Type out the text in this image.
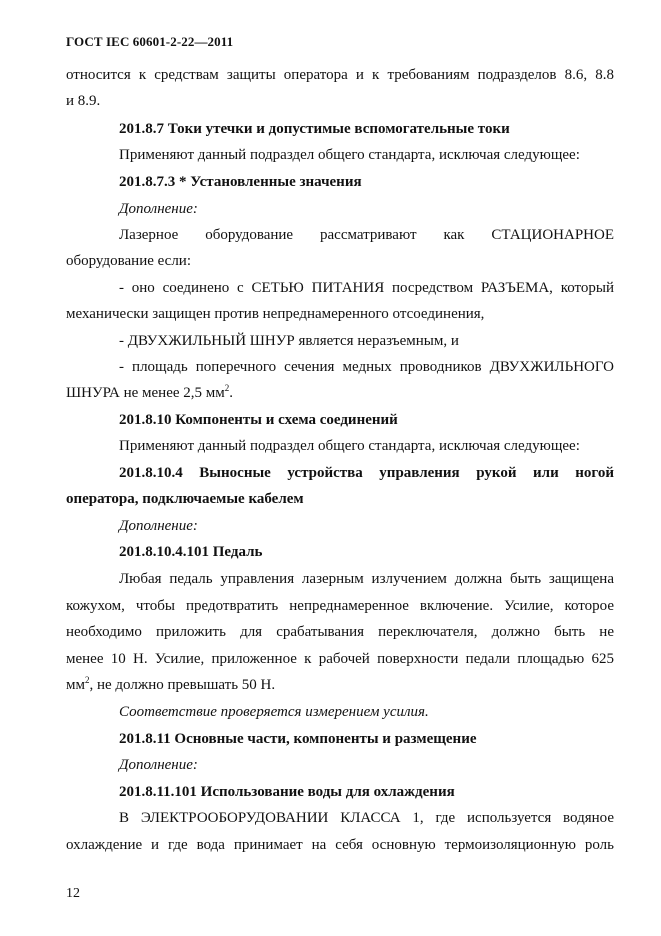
ГОСТ IEC 60601-2-22—2011
относится к средствам защиты оператора и к требованиям подразделов 8.6, 8.8
и 8.9.
201.8.7 Токи утечки и допустимые вспомогательные токи
Применяют данный подраздел общего стандарта, исключая следующее:
201.8.7.3 * Установленные значения
Дополнение:
Лазерное оборудование рассматривают как СТАЦИОНАРНОЕ
оборудование если:
- оно соединено с СЕТЬЮ ПИТАНИЯ посредством РАЗЪЕМА, который
механически защищен против непреднамеренного отсоединения,
- ДВУХЖИЛЬНЫЙ ШНУР является неразъемным, и
- площадь поперечного сечения медных проводников ДВУХЖИЛЬНОГО
ШНУРА не менее 2,5 $мм^2$.
201.8.10 Компоненты и схема соединений
Применяют данный подраздел общего стандарта, исключая следующее:
201.8.10.4 Выносные устройства управления рукой или ногой
оператора, подключаемые кабелем
Дополнение:
201.8.10.4.101 Педаль
Любая педаль управления лазерным излучением должна быть защищена
кожухом, чтобы предотвратить непреднамеренное включение. Усилие, которое
необходимо приложить для срабатывания переключателя, должно быть не
менее 10 Н. Усилие, приложенное к рабочей поверхности педали площадью 625
$мм^2$, не должно превышать 50 Н.
Соответствие проверяется измерением усилия.
201.8.11 Основные части, компоненты и размещение
Дополнение:
201.8.11.101 Использование воды для охлаждения
В ЭЛЕКТРООБОРУДОВАНИИ КЛАССА 1, где используется водяное
охлаждение и где вода принимает на себя основную термоизоляционную роль
12
